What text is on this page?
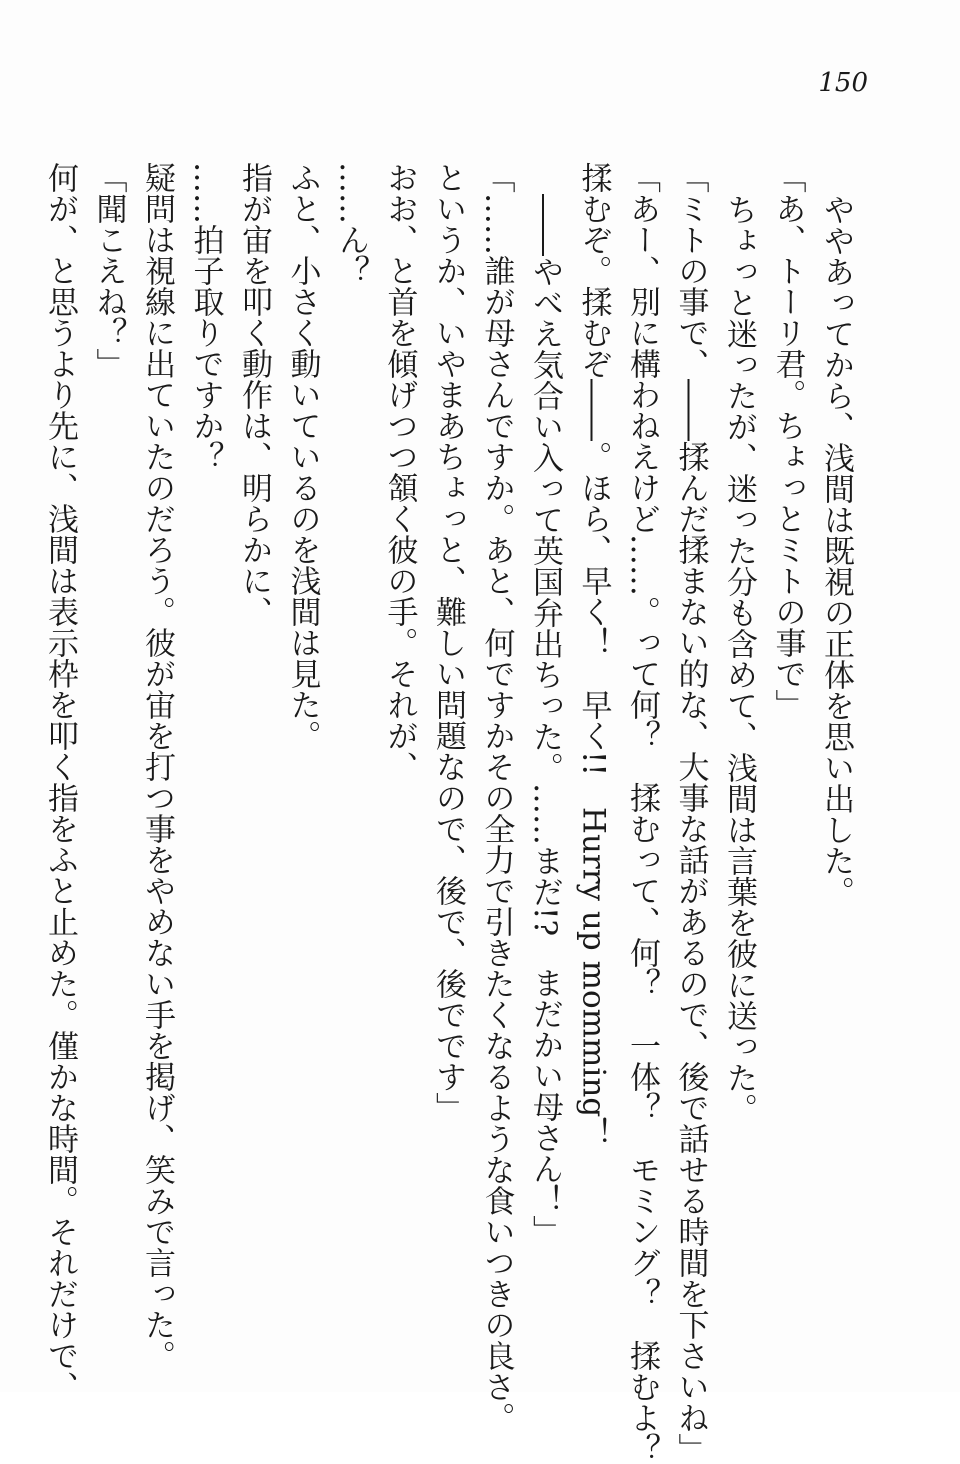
150

ややあってから、浅間は既視の正体を思い出した。

「あ、トーリ君。ちょっとミトの事で」

ちょっと迷ったが、迷った分も含めて、浅間は言葉を彼に送った。

「ミトの事で、――揉んだ揉まない的な、大事な話があるので、後で話せる時間を下さいね」

「あー、別に構わねえけど……。って何？　揉むって、何？　一体？　モミング？　揉むよ？

揉むぞ。揉むぞ――。ほら、早く！　早く!!　Hurry up momming！

――やべえ気合い入って英国弁出ちった。……まだ!?　まだかい母さん！」

「……誰が母さんですか。あと、何ですかその全力で引きたくなるような食いつきの良さ。

というか、いやまあちょっと、難しい問題なので、後で、後でです」

おお、と首を傾げつつ頷く彼の手。それが、

……ん？

ふと、小さく動いているのを浅間は見た。

指が宙を叩く動作は、明らかに、

……拍子取りですか？

疑問は視線に出ていたのだろう。彼が宙を打つ事をやめない手を掲げ、笑みで言った。

「聞こえね？」

何が、と思うより先に、浅間は表示枠を叩く指をふと止めた。僅かな時間。それだけで、
